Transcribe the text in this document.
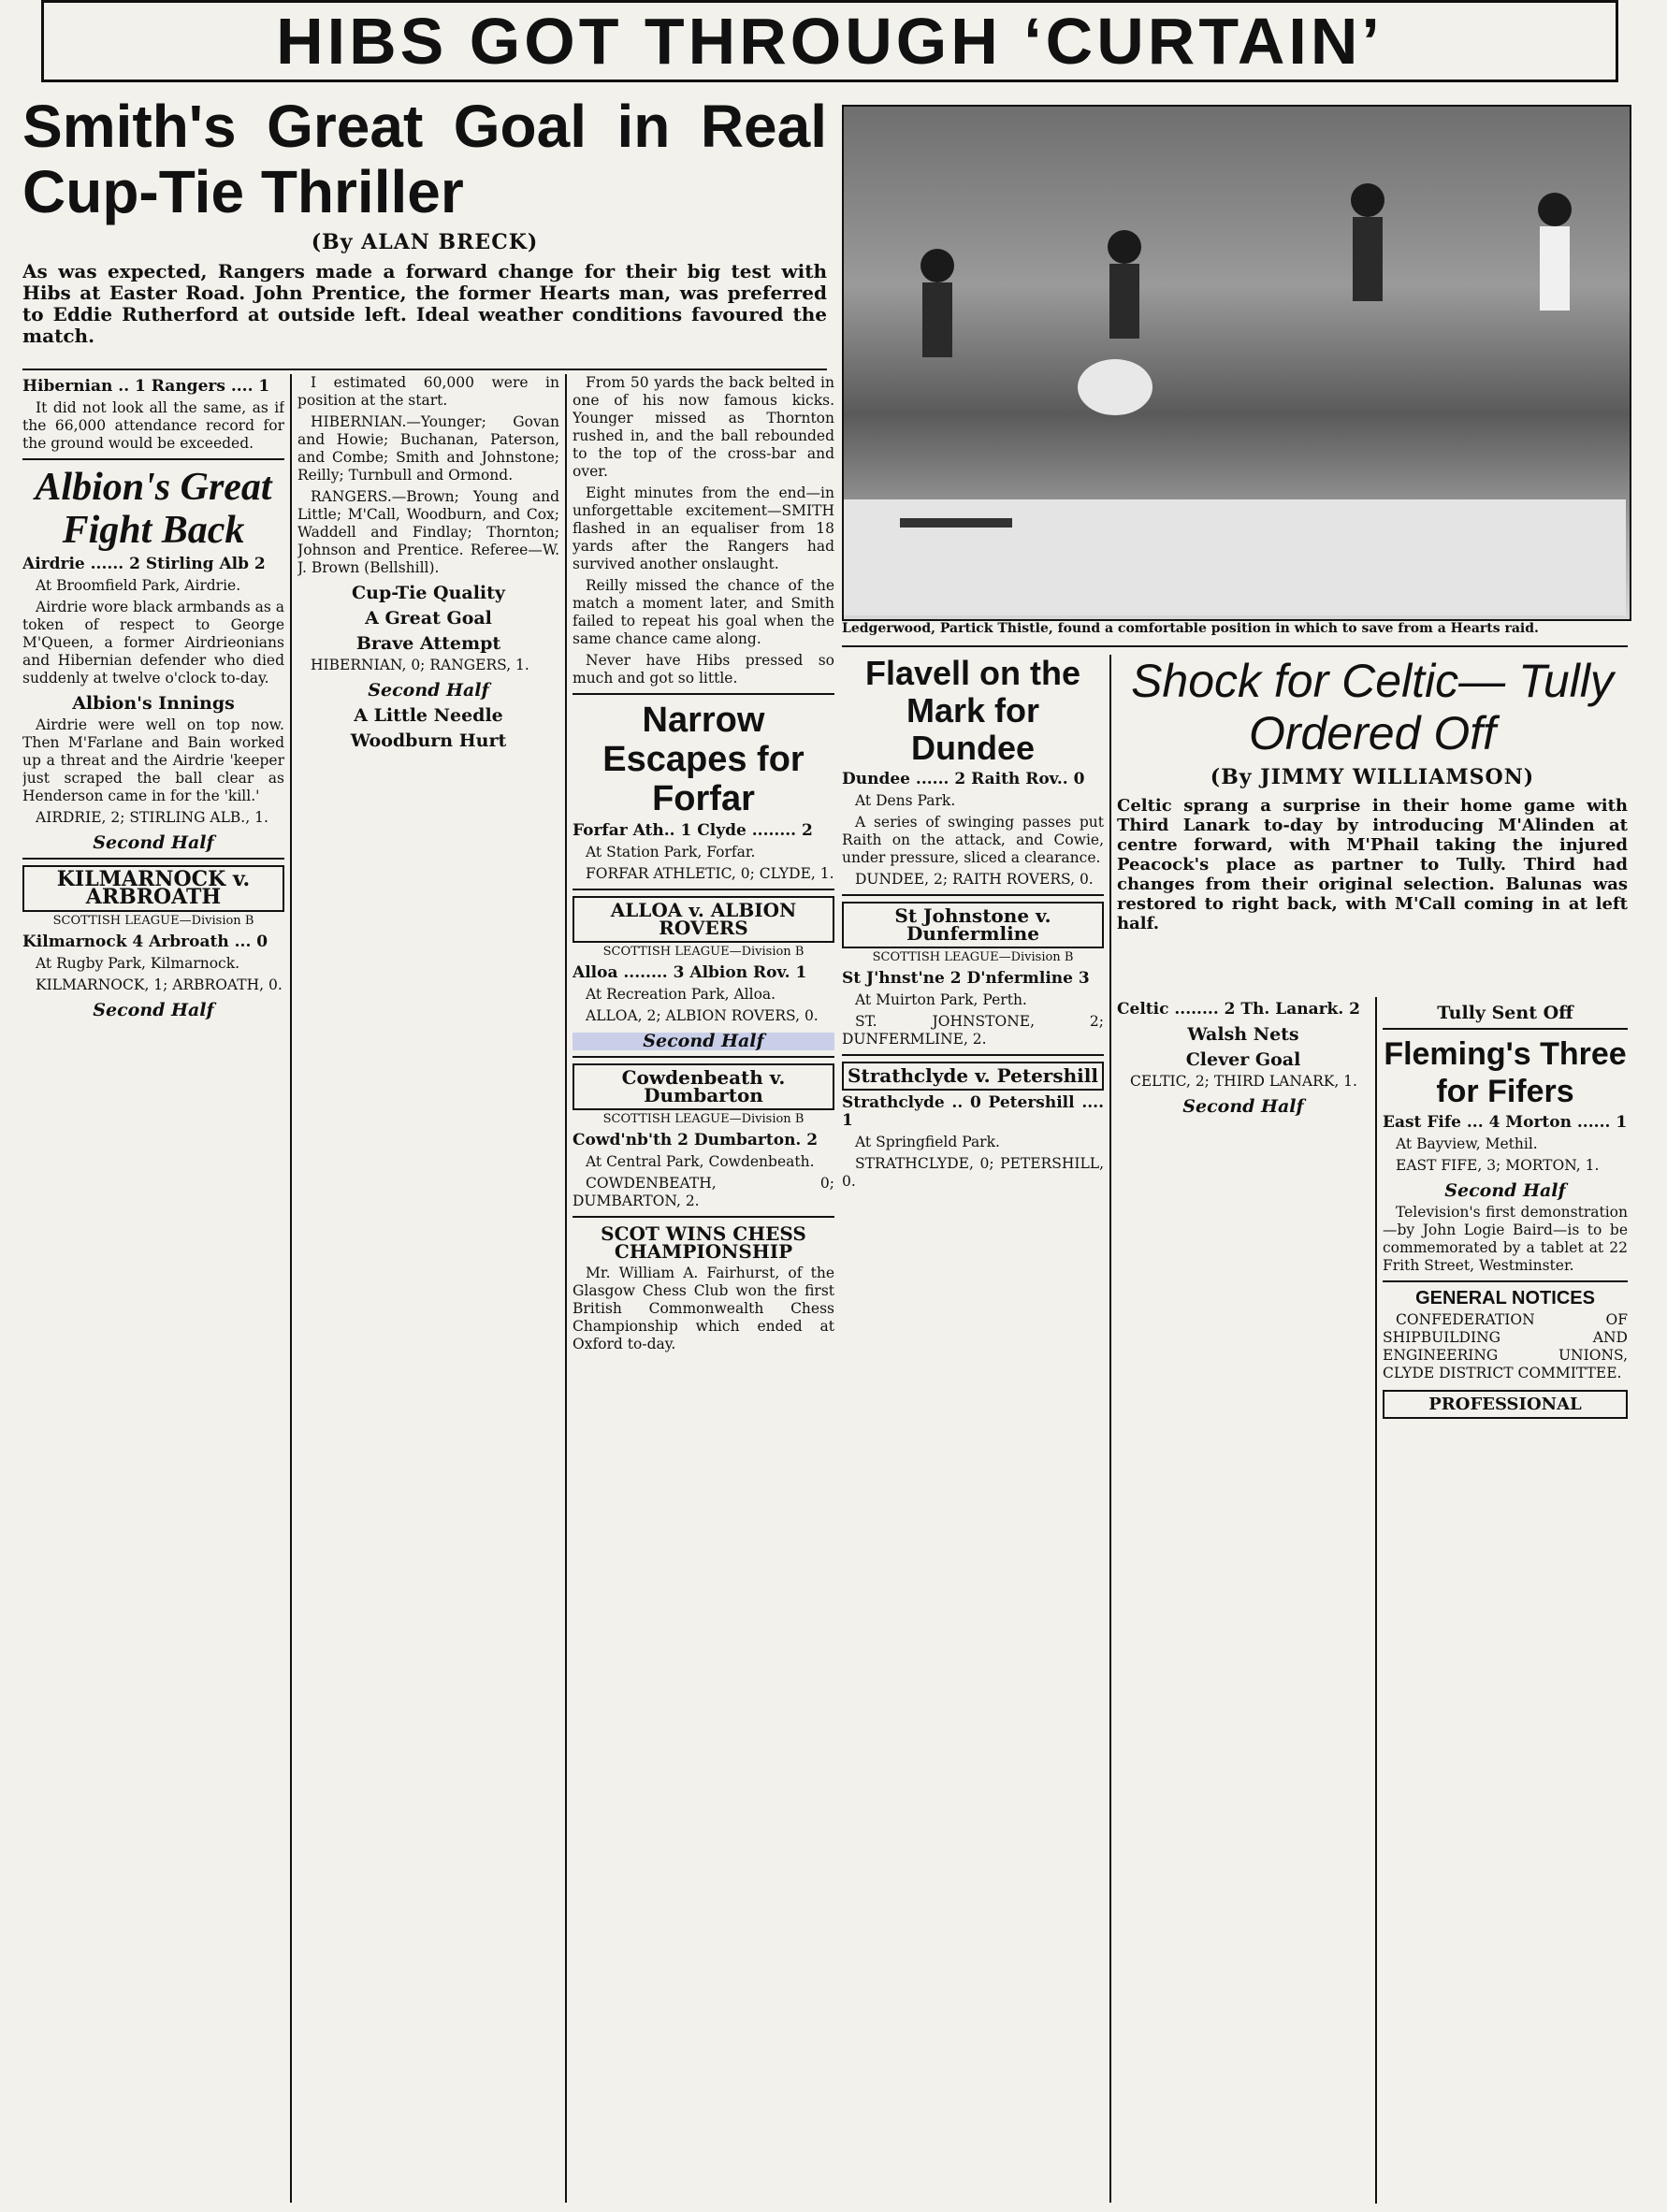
HIBS GOT THROUGH ‘CURTAIN’
Smith's Great Goal in Real Cup-Tie Thriller
(By ALAN BRECK)
As was expected, Rangers made a forward change for their big test with Hibs at Easter Road. John Prentice, the former Hearts man, was preferred to Eddie Rutherford at outside left. Ideal weather conditions favoured the match.
Hibernian .. 1 Rangers .... 1

It did not look all the same, as if the 66,000 attendance record for the ground would be exceeded.

Albion's Great Fight Back
Airdrie ...... 2 Stirling Alb 2

At Broomfield Park, Airdrie.

Airdrie wore black armbands as a token of respect to George M'Queen, a former Airdrieonians and Hibernian defender who died suddenly at twelve o'clock to-day.

Albion's Innings

Airdrie were well on top now. Then M'Farlane and Bain worked up a threat and the Airdrie 'keeper just scraped the ball clear as Henderson came in for the 'kill.'

AIRDRIE, 2; STIRLING ALB., 1.

Second Half
KILMARNOCK v. ARBROATH
SCOTTISH LEAGUE—Division B
Kilmarnock 4 Arbroath ... 0

At Rugby Park, Kilmarnock.

KILMARNOCK, 1; ARBROATH, 0.

Second Half

I estimated 60,000 were in position at the start.

HIBERNIAN.—Younger; Govan and Howie; Buchanan, Paterson, and Combe; Smith and Johnstone; Reilly; Turnbull and Ormond.

RANGERS.—Brown; Young and Little; M'Call, Woodburn, and Cox; Waddell and Findlay; Thornton; Johnson and Prentice. Referee—W. J. Brown (Bellshill).

Cup-Tie Quality
A Great Goal
Brave Attempt

HIBERNIAN, 0; RANGERS, 1.

Second Half
A Little Needle
Woodburn Hurt

From 50 yards the back belted in one of his now famous kicks. Younger missed as Thornton rushed in, and the ball rebounded to the top of the cross-bar and over.

Eight minutes from the end—in unforgettable excitement—SMITH flashed in an equaliser from 18 yards after the Rangers had survived another onslaught.

Reilly missed the chance of the match a moment later, and Smith failed to repeat his goal when the same chance came along.

Never have Hibs pressed so much and got so little.

Narrow Escapes for Forfar
Forfar Ath.. 1 Clyde ........ 2

At Station Park, Forfar.

FORFAR ATHLETIC, 0; CLYDE, 1.

ALLOA v. ALBION ROVERS
SCOTTISH LEAGUE—Division B
Alloa ........ 3 Albion Rov. 1

At Recreation Park, Alloa.

ALLOA, 2; ALBION ROVERS, 0.

Second Half
Cowdenbeath v. Dumbarton
SCOTTISH LEAGUE—Division B
Cowd'nb'th 2 Dumbarton. 2

At Central Park, Cowdenbeath.

COWDENBEATH, 0; DUMBARTON, 2.

SCOT WINS CHESS CHAMPIONSHIP

Mr. William A. Fairhurst, of the Glasgow Chess Club won the first British Commonwealth Chess Championship which ended at Oxford to-day.

Ledgerwood, Partick Thistle, found a comfortable position in which to save from a Hearts raid.
Flavell on the Mark for Dundee
Dundee ...... 2 Raith Rov.. 0

At Dens Park.

A series of swinging passes put Raith on the attack, and Cowie, under pressure, sliced a clearance.

DUNDEE, 2; RAITH ROVERS, 0.

St Johnstone v. Dunfermline
SCOTTISH LEAGUE—Division B
St J'hnst'ne 2 D'nfermline 3

At Muirton Park, Perth.

ST. JOHNSTONE, 2; DUNFERMLINE, 2.

Strathclyde v. Petershill
Strathclyde .. 0 Petershill .... 1

At Springfield Park.

STRATHCLYDE, 0; PETERSHILL, 0.

Shock for Celtic— Tully Ordered Off
(By JIMMY WILLIAMSON)
Celtic sprang a surprise in their home game with Third Lanark to-day by introducing M'Alinden at centre forward, with M'Phail taking the injured Peacock's place as partner to Tully. Third had changes from their original selection. Balunas was restored to right back, with M'Call coming in at left half.
Celtic ........ 2 Th. Lanark. 2
Walsh Nets
Clever Goal

CELTIC, 2; THIRD LANARK, 1.

Second Half
Tully Sent Off
Fleming's Three for Fifers
East Fife ... 4 Morton ...... 1

At Bayview, Methil.

EAST FIFE, 3; MORTON, 1.

Second Half

Television's first demonstration—by John Logie Baird—is to be commemorated by a tablet at 22 Frith Street, Westminster.

GENERAL NOTICES

CONFEDERATION OF SHIPBUILDING AND ENGINEERING UNIONS, CLYDE DISTRICT COMMITTEE.

PROFESSIONAL
